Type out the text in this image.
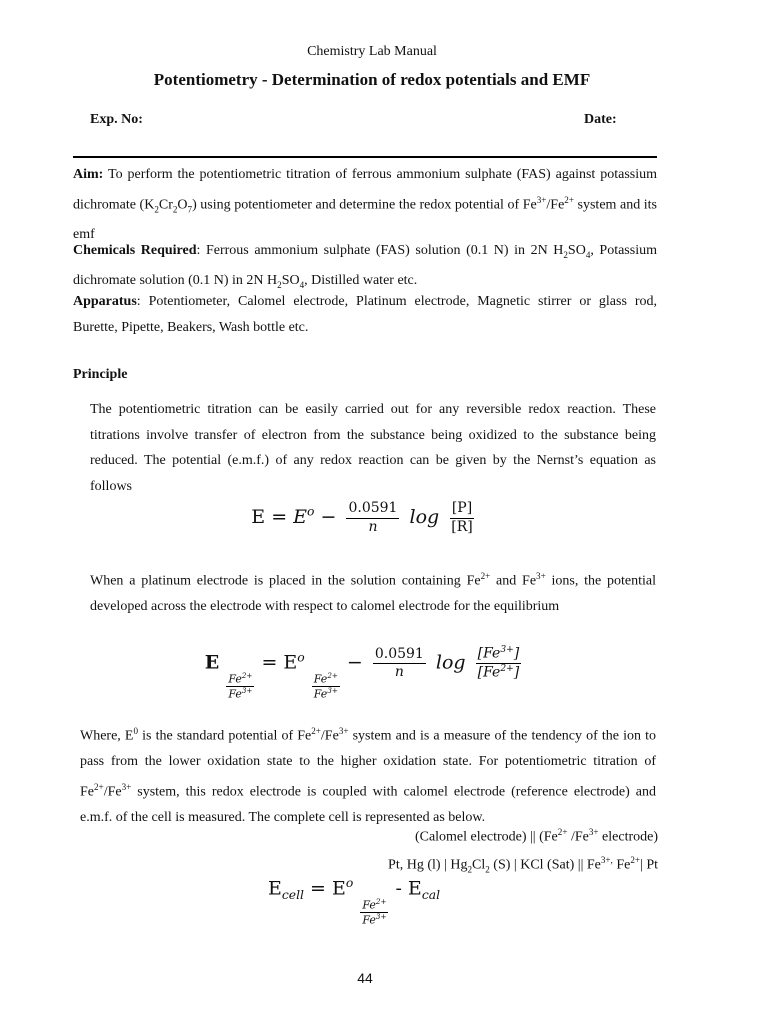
Chemistry Lab Manual
Potentiometry - Determination of redox potentials and EMF
Exp. No:	Date:
Aim: To perform the potentiometric titration of ferrous ammonium sulphate (FAS) against potassium dichromate $(K_2Cr_2O_7)$ using potentiometer and determine the redox potential of $Fe^{3+}/Fe^{2+}$ system and its emf
Chemicals Required: Ferrous ammonium sulphate (FAS) solution (0.1 N) in 2N $H_2SO_4$, Potassium dichromate solution (0.1 N) in 2N $H_2SO_4$, Distilled water etc.
Apparatus: Potentiometer, Calomel electrode, Platinum electrode, Magnetic stirrer or glass rod, Burette, Pipette, Beakers, Wash bottle etc.
Principle
The potentiometric titration can be easily carried out for any reversible redox reaction. These titrations involve transfer of electron from the substance being oxidized to the substance being reduced. The potential (e.m.f.) of any redox reaction can be given by the Nernst’s equation as follows
$E = E^o - \frac{0.0591}{n}$ $\log \frac{[P]}{[R]}$
When a platinum electrode is placed in the solution containing $Fe^{2+}$ and $Fe^{3+}$ ions, the potential developed across the electrode with respect to calomel electrode for the equilibrium
E
$\frac{Fe^{2+}}{Fe^{3+}}$
= $E^o$
$\frac{Fe^{2+}}{Fe^{3+}}$
− $\frac{0.0591}{n}$ $\log \frac{[Fe^{3+}]}{[Fe^{2+}]}$
Where, $E^0$ is the standard potential of $Fe^{2+}/Fe^{3+}$ system and is a measure of the tendency of the ion to pass from the lower oxidation state to the higher oxidation state. For potentiometric titration of $Fe^{2+}/Fe^{3+}$ system, this redox electrode is coupled with calomel electrode (reference electrode) and e.m.f. of the cell is measured. The complete cell is represented as below.
(Calomel electrode) || ($Fe^{2+}$ $/Fe^{3+}$ electrode)
Pt, Hg (l) | $Hg_2Cl_2$ (S) | KCl (Sat) || $Fe^{3+,}$ $Fe^{2+}|$ Pt
$E_{cell} = E^o$
$\frac{Fe^{2+}}{Fe^{3+}}$
- $E_{cal}$
44
